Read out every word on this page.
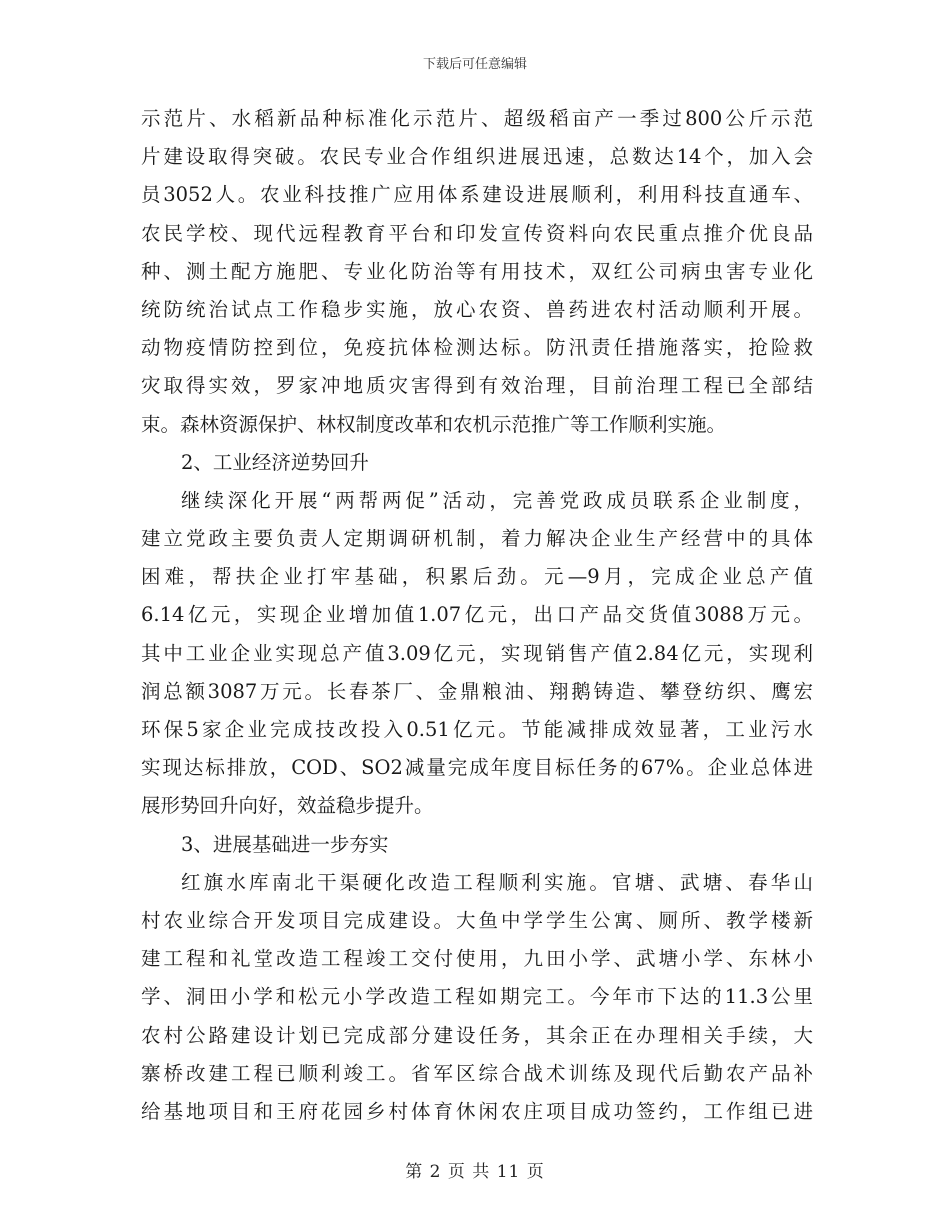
下载后可任意编辑
示范片、水稻新品种标准化示范片、超级稻亩产一季过800公斤示范
片建设取得突破。农民专业合作组织进展迅速，总数达14个，加入会
员3052人。农业科技推广应用体系建设进展顺利，利用科技直通车、
农民学校、现代远程教育平台和印发宣传资料向农民重点推介优良品
种、测土配方施肥、专业化防治等有用技术，双红公司病虫害专业化
统防统治试点工作稳步实施，放心农资、兽药进农村活动顺利开展。
动物疫情防控到位，免疫抗体检测达标。防汛责任措施落实，抢险救
灾取得实效，罗家冲地质灾害得到有效治理，目前治理工程已全部结
束。森林资源保护、林权制度改革和农机示范推广等工作顺利实施。
2、工业经济逆势回升
继续深化开展“两帮两促”活动，完善党政成员联系企业制度，
建立党政主要负责人定期调研机制，着力解决企业生产经营中的具体
困难，帮扶企业打牢基础，积累后劲。元—9月，完成企业总产值
6.14亿元，实现企业增加值1.07亿元，出口产品交货值3088万元。
其中工业企业实现总产值3.09亿元，实现销售产值2.84亿元，实现利
润总额3087万元。长春茶厂、金鼎粮油、翔鹅铸造、攀登纺织、鹰宏
环保5家企业完成技改投入0.51亿元。节能减排成效显著，工业污水
实现达标排放，COD、SO2减量完成年度目标任务的67%。企业总体进
展形势回升向好，效益稳步提升。
3、进展基础进一步夯实
红旗水库南北干渠硬化改造工程顺利实施。官塘、武塘、春华山
村农业综合开发项目完成建设。大鱼中学学生公寓、厕所、教学楼新
建工程和礼堂改造工程竣工交付使用，九田小学、武塘小学、东林小
学、洞田小学和松元小学改造工程如期完工。今年市下达的11.3公里
农村公路建设计划已完成部分建设任务，其余正在办理相关手续，大
寨桥改建工程已顺利竣工。省军区综合战术训练及现代后勤农产品补
给基地项目和王府花园乡村体育休闲农庄项目成功签约，工作组已进
第 2 页 共 11 页
